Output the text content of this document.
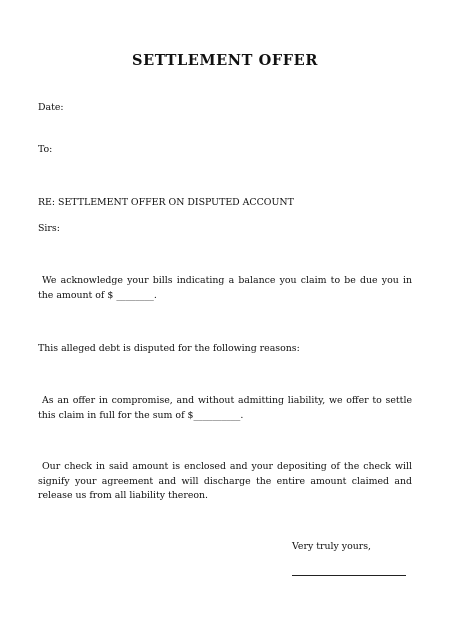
SETTLEMENT OFFER
Date:
To:
RE: SETTLEMENT OFFER ON DISPUTED ACCOUNT
Sirs:
We acknowledge your bills indicating a balance you claim to be due you in the amount of $ ________.
This alleged debt is disputed for the following reasons:
As an offer in compromise, and without admitting liability, we offer to settle this claim in full for the sum of $__________.
Our check in said amount is enclosed and your depositing of the check will signify your agreement and will discharge the entire amount claimed and release us from all liability thereon.
Very truly yours,
